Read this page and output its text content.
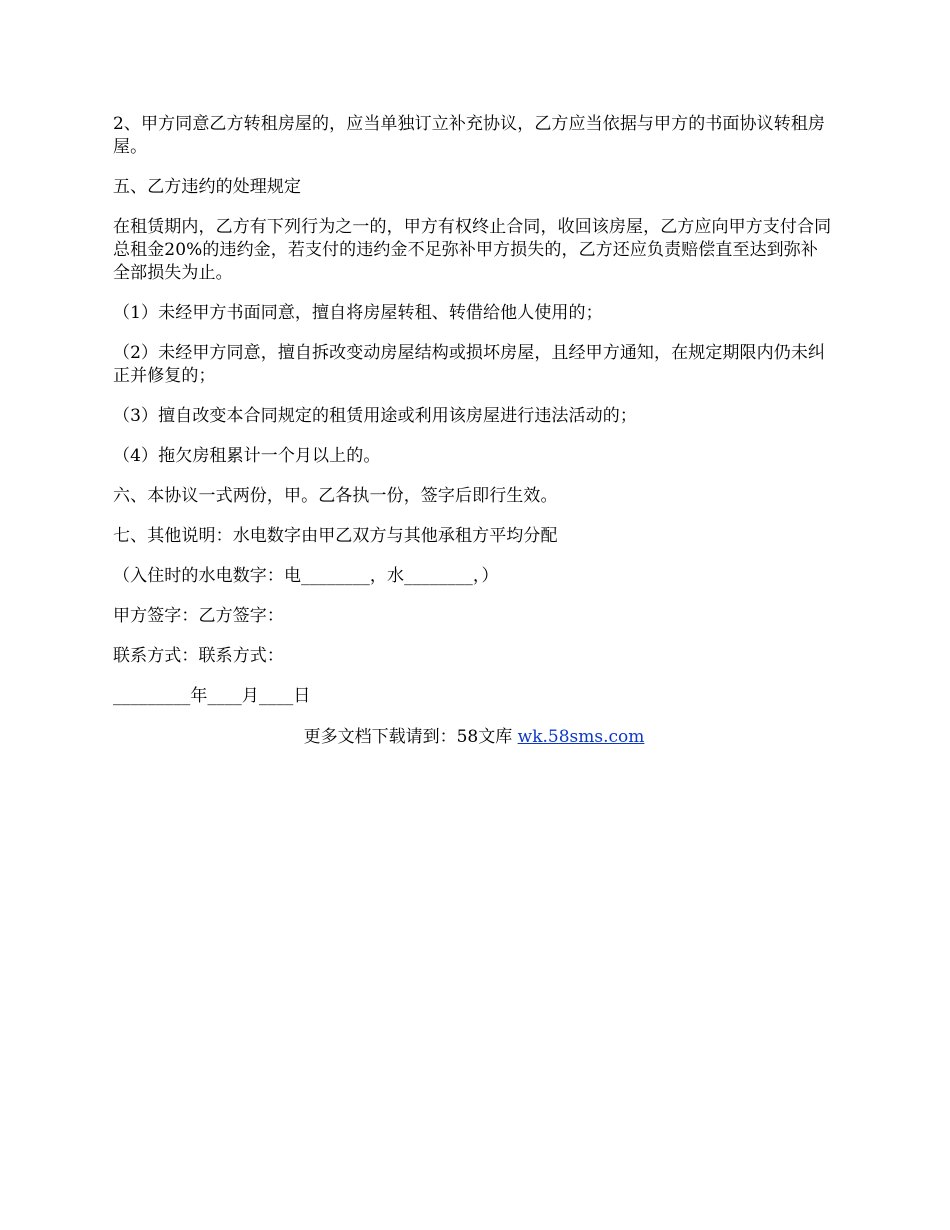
2、甲方同意乙方转租房屋的，应当单独订立补充协议，乙方应当依据与甲方的书面协议转租房屋。

五、乙方违约的处理规定

在租赁期内，乙方有下列行为之一的，甲方有权终止合同，收回该房屋，乙方应向甲方支付合同总租金20%的违约金，若支付的违约金不足弥补甲方损失的，乙方还应负责赔偿直至达到弥补全部损失为止。

（1）未经甲方书面同意，擅自将房屋转租、转借给他人使用的；

（2）未经甲方同意，擅自拆改变动房屋结构或损坏房屋，且经甲方通知，在规定期限内仍未纠正并修复的；

（3）擅自改变本合同规定的租赁用途或利用该房屋进行违法活动的；

（4）拖欠房租累计一个月以上的。

六、本协议一式两份，甲。乙各执一份，签字后即行生效。

七、其他说明：水电数字由甲乙双方与其他承租方平均分配

（入住时的水电数字：电________，水________，）

甲方签字：乙方签字：

联系方式：联系方式：

_________年____月____日

更多文档下载请到：58文库 wk.58sms.com
